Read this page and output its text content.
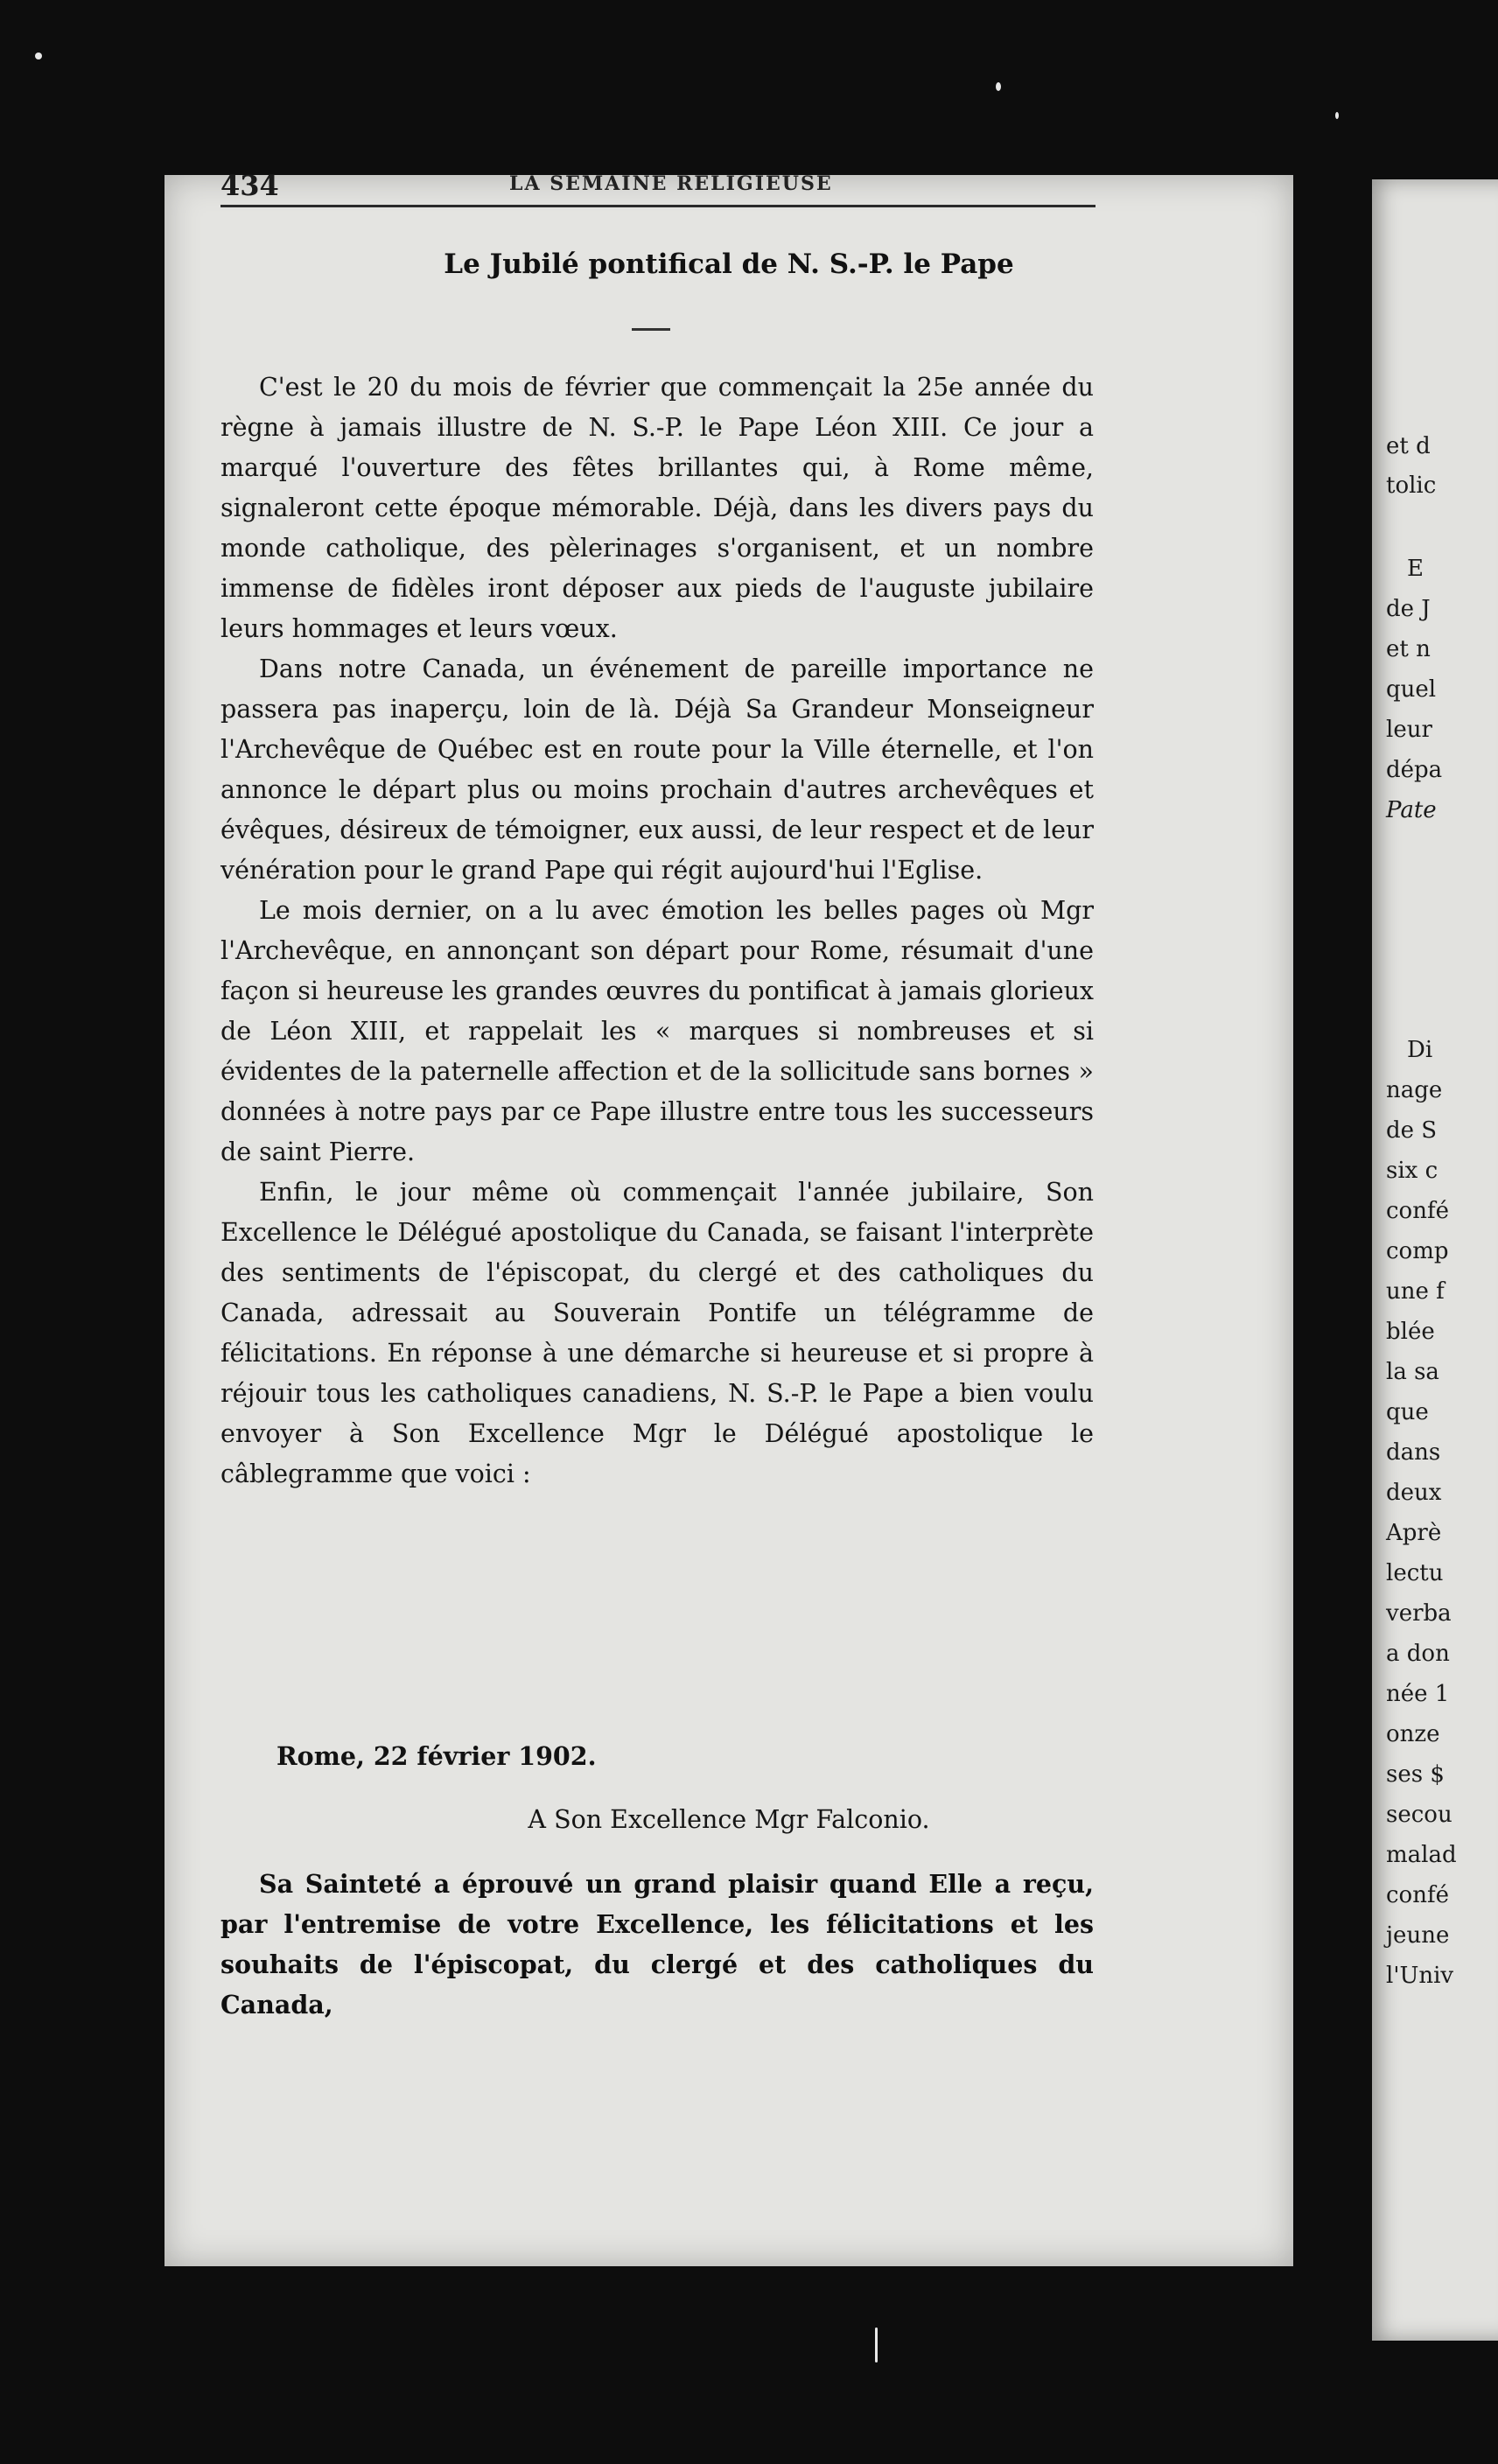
et d
tolic
E
de J
et n
quel
leur
dépa
Pate
Di
nage
de S
six c
confé
comp
une f
blée
la sa
que
dans
deux
Aprè
lectu
verba
a don
née 1
onze
ses $
secou
malad
confé
jeune
l'Univ
434	LA SEMAINE RELIGIEUSE
Le Jubilé pontifical de N. S.-P. le Pape

C'est le 20 du mois de février que commençait la 25e année du règne à jamais illustre de N. S.-P. le Pape Léon XIII. Ce jour a marqué l'ouverture des fêtes brillantes qui, à Rome même, signaleront cette époque mémorable. Déjà, dans les divers pays du monde catholique, des pèlerinages s'organisent, et un nombre immense de fidèles iront déposer aux pieds de l'auguste jubilaire leurs hommages et leurs vœux.

Dans notre Canada, un événement de pareille importance ne passera pas inaperçu, loin de là. Déjà Sa Grandeur Monseigneur l'Archevêque de Québec est en route pour la Ville éternelle, et l'on annonce le départ plus ou moins prochain d'autres archevêques et évêques, désireux de témoigner, eux aussi, de leur respect et de leur vénération pour le grand Pape qui régit aujourd'hui l'Eglise.

Le mois dernier, on a lu avec émotion les belles pages où Mgr l'Archevêque, en annonçant son départ pour Rome, résumait d'une façon si heureuse les grandes œuvres du pontificat à jamais glorieux de Léon XIII, et rappelait les « marques si nombreuses et si évidentes de la paternelle affection et de la sollicitude sans bornes » données à notre pays par ce Pape illustre entre tous les successeurs de saint Pierre.

Enfin, le jour même où commençait l'année jubilaire, Son Excellence le Délégué apostolique du Canada, se faisant l'interprète des sentiments de l'épiscopat, du clergé et des catholiques du Canada, adressait au Souverain Pontife un télégramme de félicitations. En réponse à une démarche si heureuse et si propre à réjouir tous les catholiques canadiens, N. S.-P. le Pape a bien voulu envoyer à Son Excellence Mgr le Délégué apostolique le câblegramme que voici :

Rome, 22 février 1902.
A Son Excellence Mgr Falconio.

Sa Sainteté a éprouvé un grand plaisir quand Elle a reçu, par l'entremise de votre Excellence, les félicitations et les souhaits de l'épiscopat, du clergé et des catholiques du Canada,
